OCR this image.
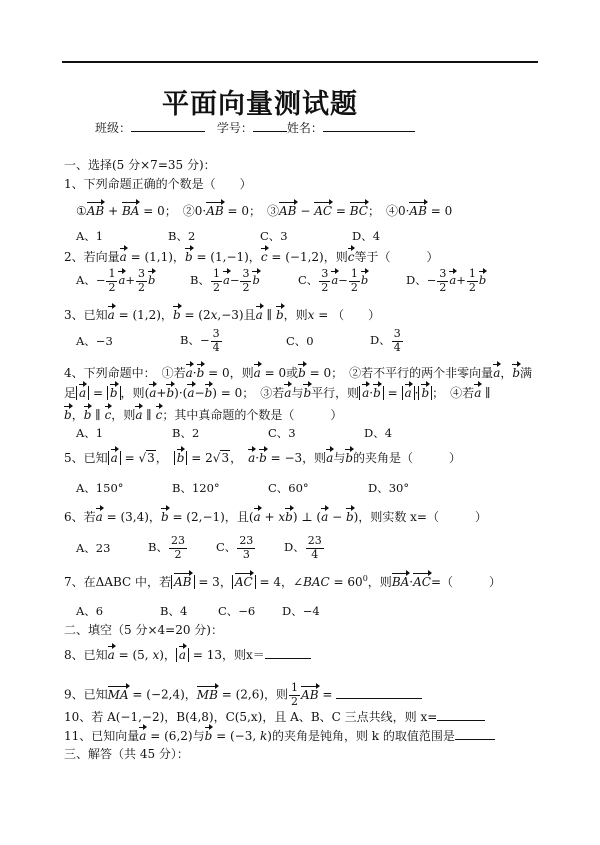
平面向量测试题
班级：	学号：	姓名：
一、选择(5 分×7=35 分)：
1、下列命题正确的个数是（　　）
①AB + BA = 0；　②0·AB = 0；　③AB − AC = BC；　④0·AB = 0
A、1	B、2	C、3	D、4
2、若向量a = (1,1)，b = (1,−1)，c = (−1,2)，则c等于（　　　）
A、− $\frac{1}{2} a+ \frac{3}{2}$ b	B、 $\frac{1}{2} a- \frac{3}{2}$ b	C、 $\frac{3}{2} a- \frac{1}{2}$ b	D、− $\frac{3}{2} a+ \frac{1}{2}$ b
3、已知a = (1,2)，b = (2x,−3)且a ∥ b，则x = （　　）
A、−3	B、− $\frac{3}{4}$	C、0	D、 $\frac{3}{4}$
4、下列命题中：　①若a·b = 0，则a = 0或b = 0；　②若不平行的两个非零向量a，b满
足 a = b ，则(a+b)·(a−b) = 0；　③若a与b平行，则 a·b = a · b ；　④若a ∥
b，b ∥ c，则a ∥ c；其中真命题的个数是（　　　）
A、1	B、2	C、3	D、4
5、已知 a = √3，　b = 2√3，　a·b = −3，则a与b的夹角是（　　　）
A、150°	B、120°	C、60°	D、30°
6、若a = (3,4)，b = (2,−1)，且(a + xb) ⊥ (a − b)，则实数 x=（　　　）
A、23	B、 $\frac{23}{2}$	C、 $\frac{23}{3}$ D、 $\frac{23}{4}$
7、在ΔABC 中，若 AB = 3， AC = 4，∠BAC = $60^0$，则BA·AC=（　　　）
A、6	B、4	C、−6 D、−4
二、填空（5 分×4=20 分)：
8、已知a = (5, x)， a = 13，则x＝
9、已知MA = (−2,4)，MB = (2,6)，则 $\frac{1}{2}$ AB =
10、若 A(−1,−2)，B(4,8)，C(5,x)，且 A、B、C 三点共线，则 x=
11、已知向量a = (6,2)与b = (−3, k)的夹角是钝角，则 k 的取值范围是
三、解答（共 45 分）：
